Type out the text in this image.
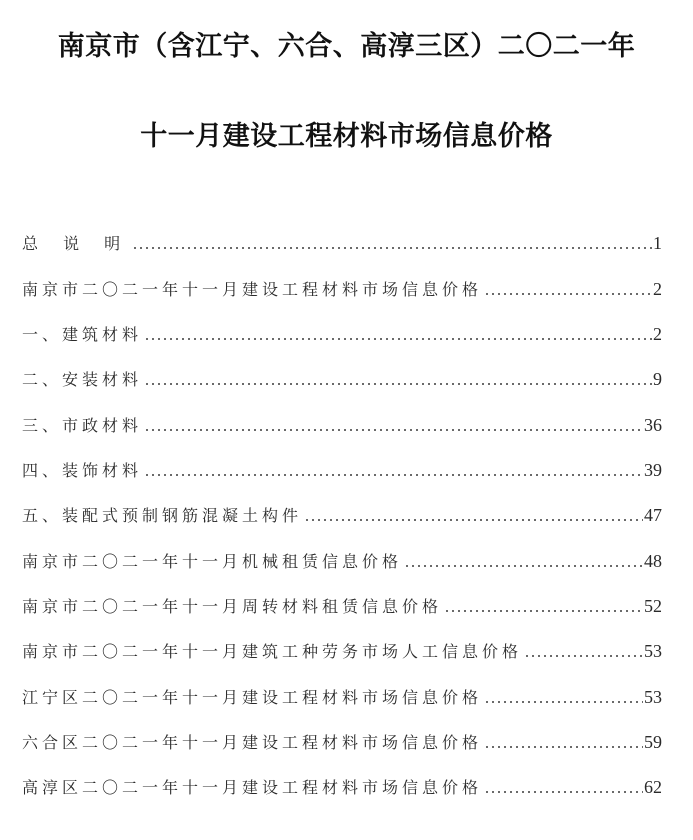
南京市（含江宁、六合、高淳三区）二〇二一年
十一月建设工程材料市场信息价格
总 说 明	1
南京市二〇二一年十一月建设工程材料市场信息价格	2
一、建筑材料	2
二、安装材料	9
三、市政材料	36
四、装饰材料	39
五、装配式预制钢筋混凝土构件	47
南京市二〇二一年十一月机械租赁信息价格	48
南京市二〇二一年十一月周转材料租赁信息价格	52
南京市二〇二一年十一月建筑工种劳务市场人工信息价格	53
江宁区二〇二一年十一月建设工程材料市场信息价格	53
六合区二〇二一年十一月建设工程材料市场信息价格	59
高淳区二〇二一年十一月建设工程材料市场信息价格	62
